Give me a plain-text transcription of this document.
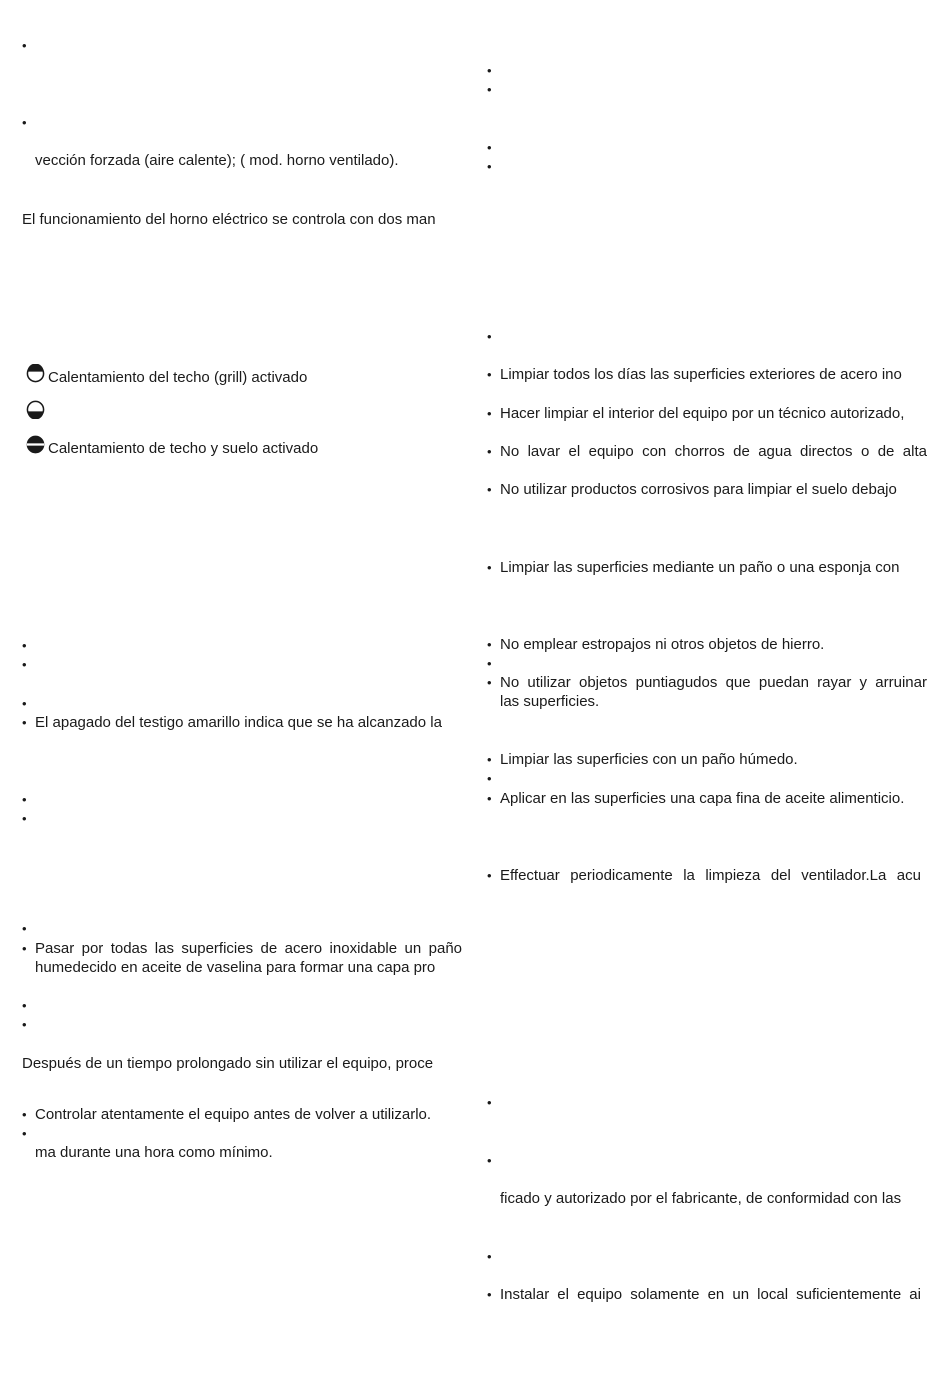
•
•
vección forzada (aire calente); ( mod. horno ventilado).
El funcionamiento del horno eléctrico se controla con dos man
Calentamiento del techo (grill) activado
Calentamiento de techo y suelo activado
•
•
•
• El apagado del testigo amarillo indica que se ha alcanzado la
•
•
•
• Pasar por todas las superficies de acero inoxidable un paño
humedecido en aceite de vaselina para formar una capa pro
•
•
Después de un tiempo prolongado sin utilizar el equipo, proce
• Controlar atentamente el equipo antes de volver a utilizarlo.
•
ma durante una hora como mínimo.
•
•
•
•
•
• Limpiar todos los días las superficies exteriores de acero ino
• Hacer limpiar el interior del equipo por un técnico autorizado,
• No lavar el equipo con chorros de agua directos o de alta
• No utilizar productos corrosivos para limpiar el suelo debajo
• Limpiar las superficies mediante un paño o una esponja con
• No emplear estropajos ni otros objetos de hierro.
•
• No utilizar objetos puntiagudos que puedan rayar y arruinar
las superficies.
• Limpiar las superficies con un paño húmedo.
•
• Aplicar en las superficies una capa fina de aceite alimenticio.
• Effectuar periodicamente la limpieza del ventilador.La acu
•
•
ficado y autorizado por el fabricante, de conformidad con las
•
• Instalar el equipo solamente en un local suficientemente ai
